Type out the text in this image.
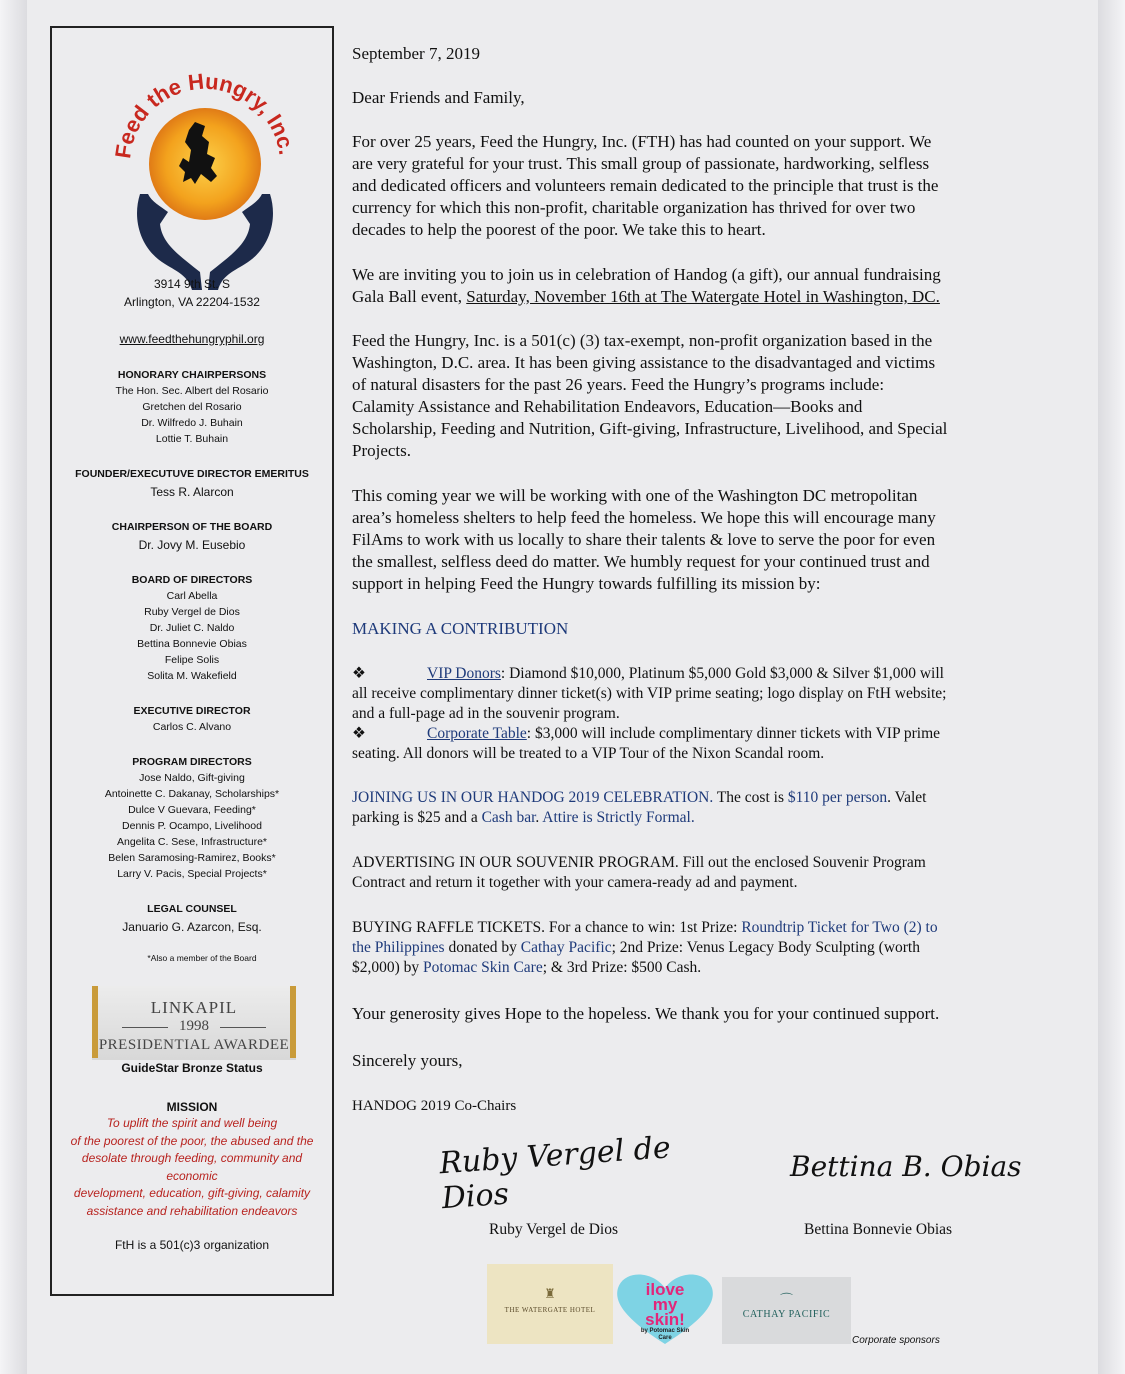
Feed the Hungry, Inc.
3914 9th St. S
Arlington, VA 22204-1532
www.feedthehungryphil.org
HONORARY CHAIRPERSONS
The Hon. Sec. Albert del Rosario
Gretchen del Rosario
Dr. Wilfredo J. Buhain
Lottie T. Buhain
FOUNDER/EXECUTUVE DIRECTOR EMERITUS
Tess R. Alarcon
CHAIRPERSON OF THE BOARD
Dr. Jovy M. Eusebio
BOARD OF DIRECTORS
Carl Abella
Ruby Vergel de Dios
Dr. Juliet C. Naldo
Bettina Bonnevie Obias
Felipe Solis
Solita M. Wakefield
EXECUTIVE DIRECTOR
Carlos C. Alvano
PROGRAM DIRECTORS
Jose Naldo, Gift-giving
Antoinette C. Dakanay, Scholarships*
Dulce V Guevara, Feeding*
Dennis P. Ocampo, Livelihood
Angelita C. Sese, Infrastructure*
Belen Saramosing-Ramirez, Books*
Larry V. Pacis, Special Projects*
LEGAL COUNSEL
Januario G. Azarcon, Esq.
*Also a member of the Board
LINKAPIL
1998
PRESIDENTIAL AWARDEE
GuideStar Bronze Status
MISSION
To uplift the spirit and well being
of the poorest of the poor, the abused and the
desolate through feeding, community and
economic
development, education, gift-giving, calamity
assistance and rehabilitation endeavors
FtH is a 501(c)3 organization

September 7, 2019

Dear Friends and Family,

For over 25 years, Feed the Hungry, Inc. (FTH) has had counted on your support. We
are very grateful for your trust. This small group of passionate, hardworking, selfless
and dedicated officers and volunteers remain dedicated to the principle that trust is the
currency for which this non-profit, charitable organization has thrived for over two
decades to help the poorest of the poor. We take this to heart.
We are inviting you to join us in celebration of Handog (a gift), our annual fundraising
Gala Ball event, Saturday, November 16th at The Watergate Hotel in Washington, DC.
Feed the Hungry, Inc. is a 501(c) (3) tax-exempt, non-profit organization based in the
Washington, D.C. area. It has been giving assistance to the disadvantaged and victims
of natural disasters for the past 26 years. Feed the Hungry’s programs include:
Calamity Assistance and Rehabilitation Endeavors, Education—Books and
Scholarship, Feeding and Nutrition, Gift-giving, Infrastructure, Livelihood, and Special
Projects.
This coming year we will be working with one of the Washington DC metropolitan
area’s homeless shelters to help feed the homeless. We hope this will encourage many
FilAms to work with us locally to share their talents & love to serve the poor for even
the smallest, selfless deed do matter. We humbly request for your continued trust and
support in helping Feed the Hungry towards fulfilling its mission by:

MAKING A CONTRIBUTION

❖	VIP Donors: Diamond $10,000, Platinum $5,000 Gold $3,000 & Silver $1,000 will
all receive complimentary dinner ticket(s) with VIP prime seating; logo display on FtH website;
and a full-page ad in the souvenir program.
❖	Corporate Table: $3,000 will include complimentary dinner tickets with VIP prime
seating. All donors will be treated to a VIP Tour of the Nixon Scandal room.
JOINING US IN OUR HANDOG 2019 CELEBRATION. The cost is $110 per person. Valet
parking is $25 and a Cash bar. Attire is Strictly Formal.
ADVERTISING IN OUR SOUVENIR PROGRAM. Fill out the enclosed Souvenir Program
Contract and return it together with your camera-ready ad and payment.
BUYING RAFFLE TICKETS. For a chance to win: 1st Prize: Roundtrip Ticket for Two (2) to
the Philippines donated by Cathay Pacific; 2nd Prize: Venus Legacy Body Sculpting (worth
$2,000) by Potomac Skin Care; & 3rd Prize: $500 Cash.

Your generosity gives Hope to the hopeless. We thank you for your continued support.

Sincerely yours,

HANDOG 2019 Co-Chairs

Ruby Vergel de Dios
Ruby Vergel de Dios
Bettina B. Obias
Bettina Bonnevie Obias
♜
THE WATERGATE HOTEL
ilove
my
skin!
by Potomac Skin Care
⌒
CATHAY PACIFIC
Corporate sponsors
